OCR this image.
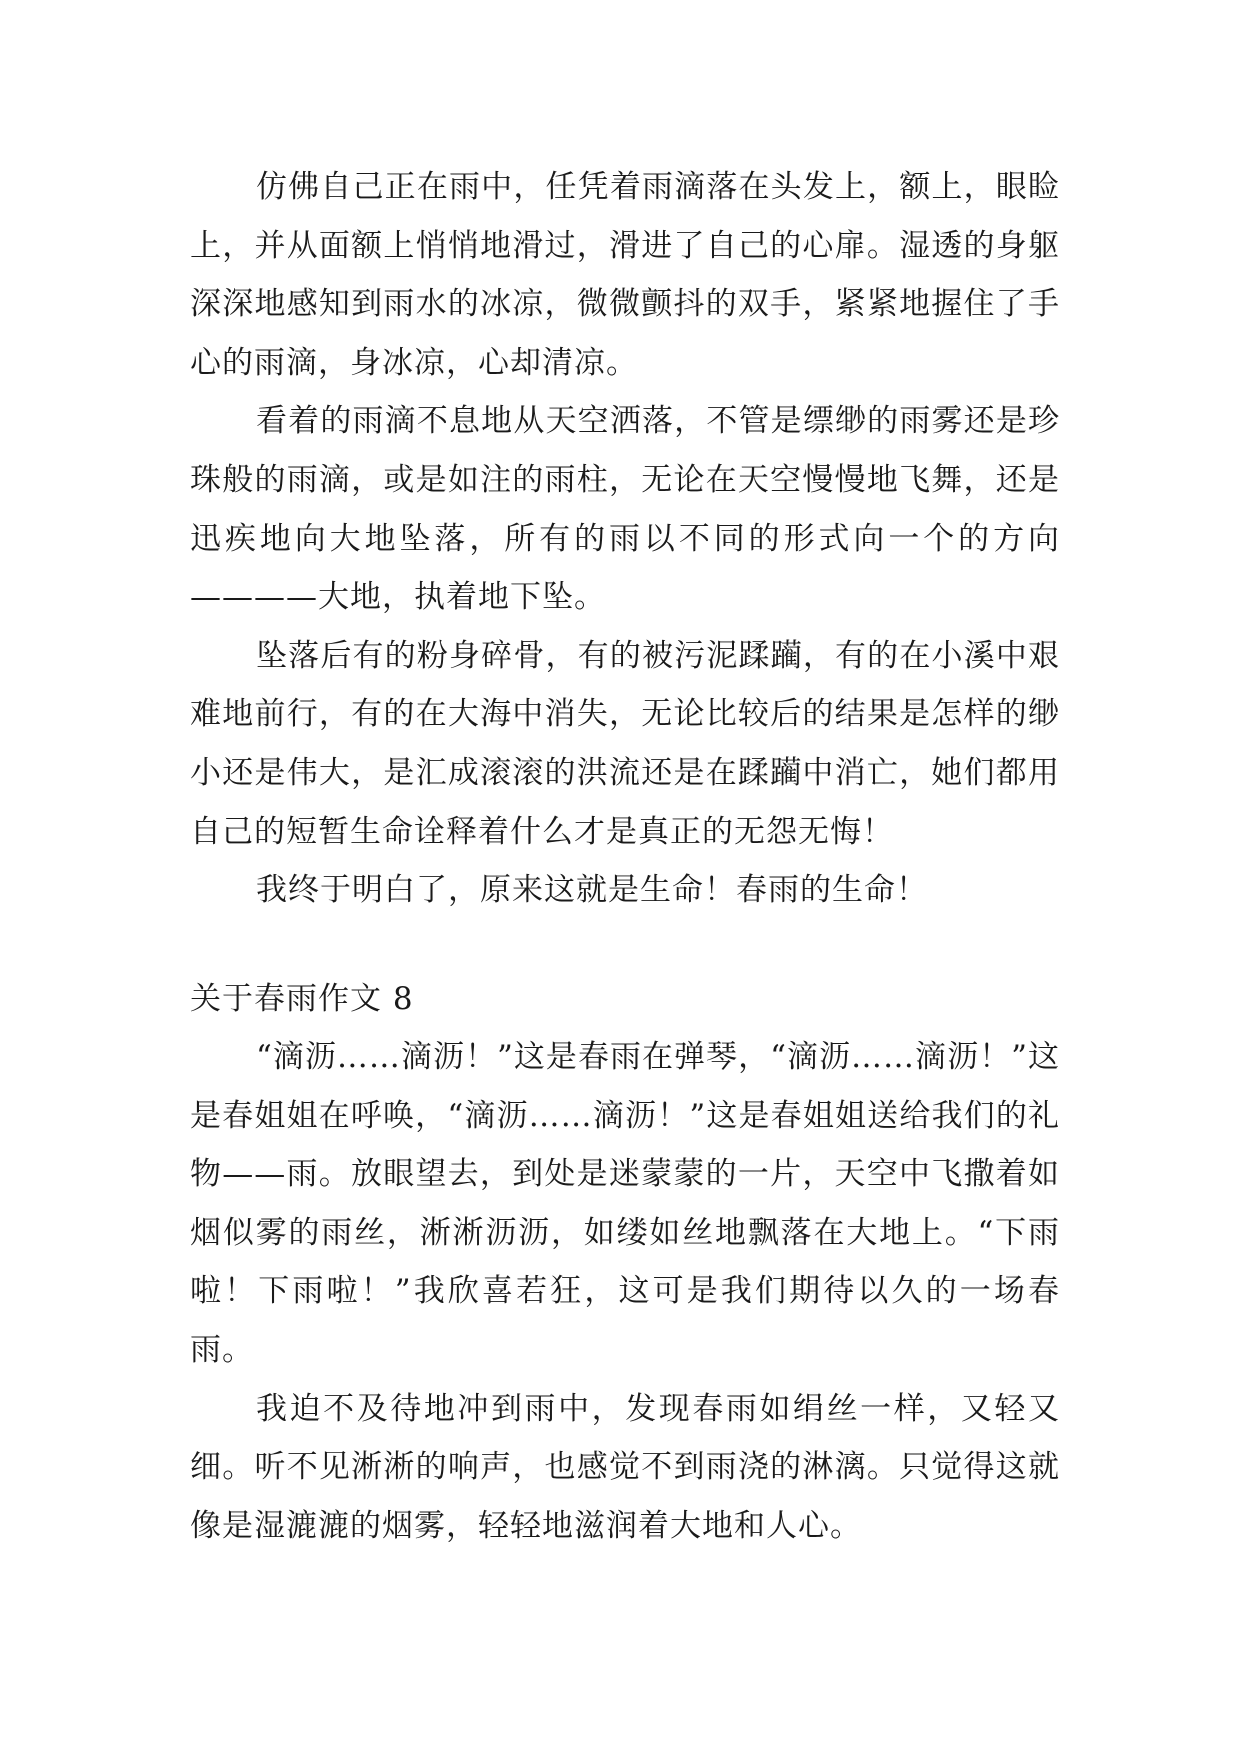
仿佛自己正在雨中，任凭着雨滴落在头发上，额上，眼睑上，并从面额上悄悄地滑过，滑进了自己的心扉。湿透的身躯深深地感知到雨水的冰凉，微微颤抖的双手，紧紧地握住了手心的雨滴，身冰凉，心却清凉。

看着的雨滴不息地从天空洒落，不管是缥缈的雨雾还是珍珠般的雨滴，或是如注的雨柱，无论在天空慢慢地飞舞，还是迅疾地向大地坠落，所有的雨以不同的形式向一个的方向————大地，执着地下坠。

坠落后有的粉身碎骨，有的被污泥蹂躏，有的在小溪中艰难地前行，有的在大海中消失，无论比较后的结果是怎样的缈小还是伟大，是汇成滚滚的洪流还是在蹂躏中消亡，她们都用自己的短暂生命诠释着什么才是真正的无怨无悔！

我终于明白了，原来这就是生命！春雨的生命！

关于春雨作文 8

“滴沥……滴沥！”这是春雨在弹琴，“滴沥……滴沥！”这是春姐姐在呼唤，“滴沥……滴沥！”这是春姐姐送给我们的礼物——雨。放眼望去，到处是迷蒙蒙的一片，天空中飞撒着如烟似雾的雨丝，淅淅沥沥，如缕如丝地飘落在大地上。“下雨啦！下雨啦！”我欣喜若狂，这可是我们期待以久的一场春雨。

我迫不及待地冲到雨中，发现春雨如绢丝一样，又轻又细。听不见淅淅的响声，也感觉不到雨浇的淋漓。只觉得这就像是湿漉漉的烟雾，轻轻地滋润着大地和人心。
